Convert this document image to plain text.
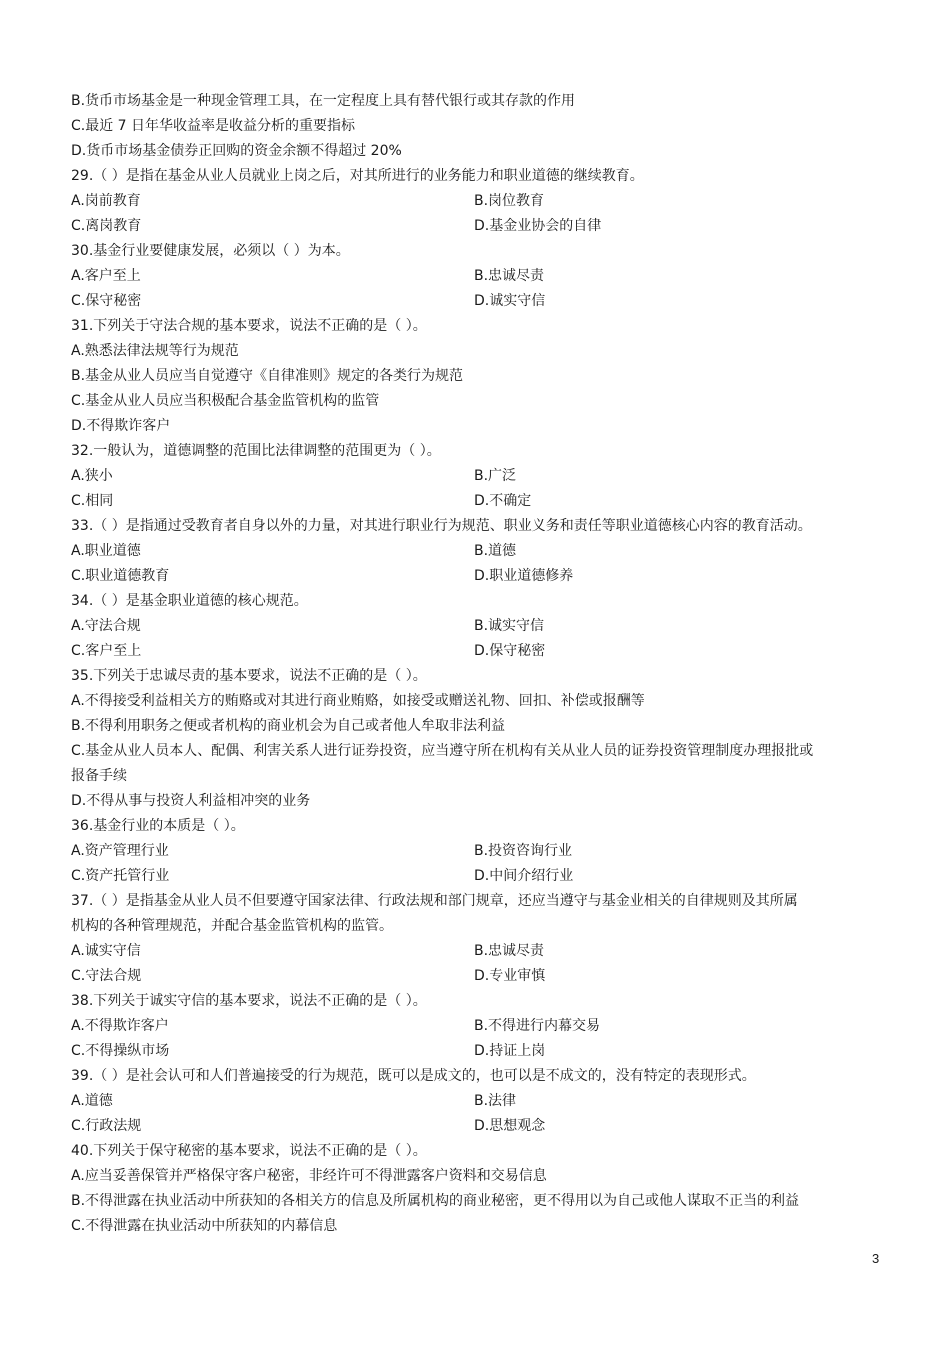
B.货币市场基金是一种现金管理工具，在一定程度上具有替代银行或其存款的作用
C.最近 7 日年华收益率是收益分析的重要指标
D.货币市场基金债券正回购的资金余额不得超过 20%
29.（ ）是指在基金从业人员就业上岗之后，对其所进行的业务能力和职业道德的继续教育。
A.岗前教育	B.岗位教育
C.离岗教育	D.基金业协会的自律
30.基金行业要健康发展，必须以（ ）为本。
A.客户至上	B.忠诚尽责
C.保守秘密	D.诚实守信
31.下列关于守法合规的基本要求，说法不正确的是（ ）。
A.熟悉法律法规等行为规范
B.基金从业人员应当自觉遵守《自律准则》规定的各类行为规范
C.基金从业人员应当积极配合基金监管机构的监管
D.不得欺诈客户
32.一般认为，道德调整的范围比法律调整的范围更为（ ）。
A.狭小	B.广泛
C.相同	D.不确定
33.（ ）是指通过受教育者自身以外的力量，对其进行职业行为规范、职业义务和责任等职业道德核心内容的教育活动。
A.职业道德	B.道德
C.职业道德教育	D.职业道德修养
34.（ ）是基金职业道德的核心规范。
A.守法合规	B.诚实守信
C.客户至上	D.保守秘密
35.下列关于忠诚尽责的基本要求，说法不正确的是（ ）。
A.不得接受利益相关方的贿赂或对其进行商业贿赂，如接受或赠送礼物、回扣、补偿或报酬等
B.不得利用职务之便或者机构的商业机会为自己或者他人牟取非法利益
C.基金从业人员本人、配偶、利害关系人进行证券投资，应当遵守所在机构有关从业人员的证券投资管理制度办理报批或
报备手续
D.不得从事与投资人利益相冲突的业务
36.基金行业的本质是（ ）。
A.资产管理行业	B.投资咨询行业
C.资产托管行业	D.中间介绍行业
37.（ ）是指基金从业人员不但要遵守国家法律、行政法规和部门规章，还应当遵守与基金业相关的自律规则及其所属
机构的各种管理规范，并配合基金监管机构的监管。
A.诚实守信	B.忠诚尽责
C.守法合规	D.专业审慎
38.下列关于诚实守信的基本要求，说法不正确的是（ ）。
A.不得欺诈客户	B.不得进行内幕交易
C.不得操纵市场	D.持证上岗
39.（ ）是社会认可和人们普遍接受的行为规范，既可以是成文的，也可以是不成文的，没有特定的表现形式。
A.道德	B.法律
C.行政法规	D.思想观念
40.下列关于保守秘密的基本要求，说法不正确的是（ ）。
A.应当妥善保管并严格保守客户秘密，非经许可不得泄露客户资料和交易信息
B.不得泄露在执业活动中所获知的各相关方的信息及所属机构的商业秘密，更不得用以为自己或他人谋取不正当的利益
C.不得泄露在执业活动中所获知的内幕信息
3
